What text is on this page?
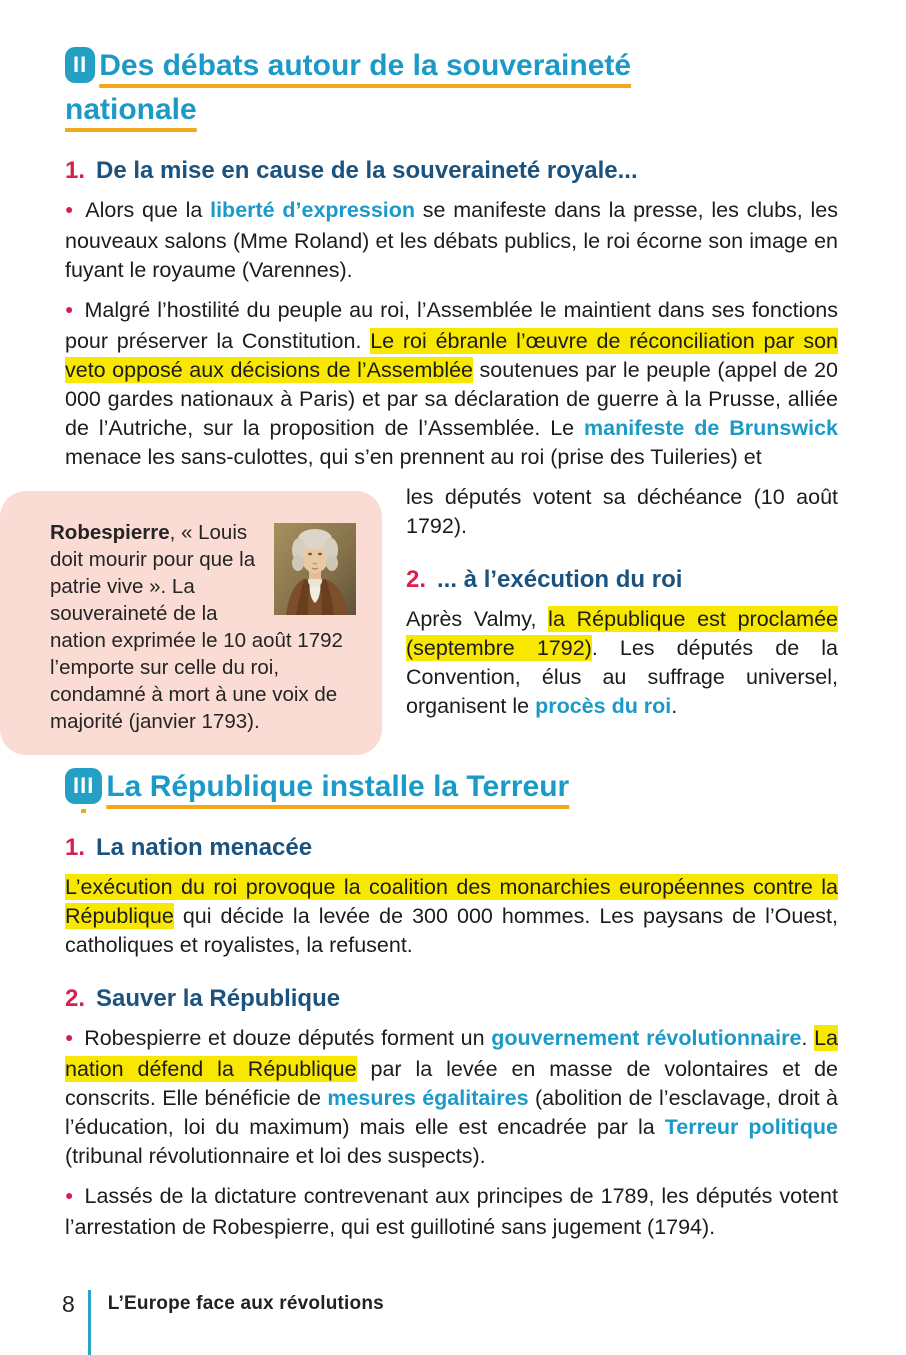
II Des débats autour de la souveraineté nationale
1. De la mise en cause de la souveraineté royale...

● Alors que la liberté d’expression se manifeste dans la presse, les clubs, les nouveaux salons (Mme Roland) et les débats publics, le roi écorne son image en fuyant le royaume (Varennes).

● Malgré l’hostilité du peuple au roi, l’Assemblée le maintient dans ses fonctions pour préserver la Constitution. Le roi ébranle l’œuvre de réconciliation par son veto opposé aux décisions de l’Assemblée soutenues par le peuple (appel de 20 000 gardes nationaux à Paris) et par sa déclaration de guerre à la Prusse, alliée de l’Autriche, sur la proposition de l’Assemblée. Le manifeste de Brunswick menace les sans-culottes, qui s’en prennent au roi (prise des Tuileries) et

Robespierre, « Louis doit mourir pour que la patrie vive ». La souveraineté de la nation exprimée le 10 août 1792 l’emporte sur celle du roi, condamné à mort à une voix de majorité (janvier 1793).

les députés votent sa déchéance (10 août 1792).

2. ... à l’exécution du roi

Après Valmy, la République est proclamée (septembre 1792). Les députés de la Convention, élus au suffrage universel, organisent le procès du roi.

III La République installe la Terreur
1. La nation menacée

L’exécution du roi provoque la coalition des monarchies européennes contre la République qui décide la levée de 300 000 hommes. Les paysans de l’Ouest, catholiques et royalistes, la refusent.

2. Sauver la République

● Robespierre et douze députés forment un gouvernement révolutionnaire. La nation défend la République par la levée en masse de volontaires et de conscrits. Elle bénéficie de mesures égalitaires (abolition de l’esclavage, droit à l’éducation, loi du maximum) mais elle est encadrée par la Terreur politique (tribunal révolutionnaire et loi des suspects).

● Lassés de la dictature contrevenant aux principes de 1789, les députés votent l’arrestation de Robespierre, qui est guillotiné sans jugement (1794).

8 L’Europe face aux révolutions
